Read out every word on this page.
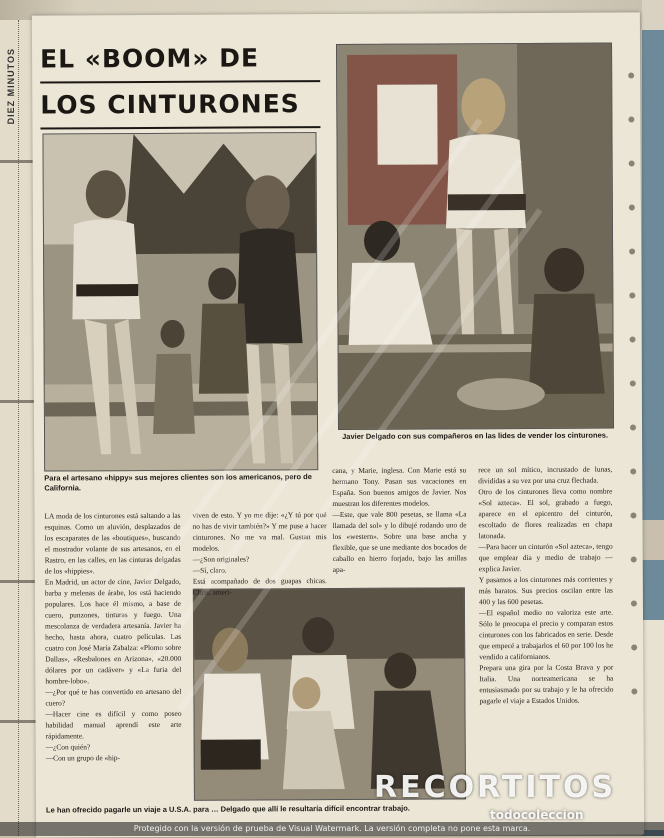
DIEZ MINUTOS EL «BOOM» DE
LOS CINTURONES
Javier Delgado con sus compañeros en las lides de vender los cinturones.
Para el artesano «hippy» sus mejores clientes son los americanos, pero de California.
Le han ofrecido pagarle un viaje a U.S.A. para … Delgado que allí le resultaría difícil encontrar trabajo.

LA moda de los cinturones está saltando a las esquinas. Como un aluvión, desplazados de los escaparates de las «boutiques», buscando el mostrador volante de sus artesanos, en el Rastro, en las calles, en las cinturas delgadas de los «hippies».
En Madrid, un actor de cine, Javier Delgado, barba y melenas de árabe, los está haciendo populares. Los hace él mismo, a base de cuero, punzones, tinturas y fuego. Una mescolanza de verdadera artesanía. Javier ha hecho, hasta ahora, cuatro películas. Las cuatro con José María Zabalza: «Plomo sobre Dallas», «Resbalones en Arizona», «20.000 dólares por un cadáver» y «La furia del hombre-lobo».
—¿Por qué te has convertido en artesano del cuero?
—Hacer cine es difícil y como poseo habilidad manual aprendí este arte rápidamente.
—¿Con quién?
—Con un grupo de «hip-

viven de esto. Y yo me dije: «¿Y tú por qué no has de vivir también?» Y me puse a hacer cinturones. No me va mal. Gustan mis modelos.
—¿Son originales?
—Sí, claro.
Está acompañado de dos guapas chicas. Chris, ameri-

cana, y Marie, inglesa. Con Marie está su hermano Tony. Pasan sus vacaciones en España. Son buenos amigos de Javier. Nos muestran los diferentes modelos.
—Este, que vale 800 pesetas, se llama «La llamada del sol» y lo dibujé rodando uno de los «western». Sobre una base ancha y flexible, que se une mediante dos bocados de caballo en hierro forjado, bajo las anillas apa-

rece un sol mítico, incrustado de lunas, divididas a su vez por una cruz flechada.
Otro de los cinturones lleva como nombre «Sol azteca». El sol, grabado a fuego, aparece en el epicentro del cinturón, escoltado de flores realizadas en chapa latonada.
—Para hacer un cinturón «Sol azteca», tengo que emplear día y medio de trabajo —explica Javier.
Y pasamos a los cinturones más corrientes y más baratos. Sus precios oscilan entre las 400 y las 600 pesetas.
—El español medio no valoriza este arte. Sólo le preocupa el precio y comparan estos cinturones con los fabricados en serie. Desde que empecé a trabajarlos el 60 por 100 los he vendido a californianos.
Prepara una gira por la Costa Brava y por Italia. Una norteamericana se ha entusiasmado por su trabajo y le ha ofrecido pagarle el viaje a Estados Unidos.

RECORTITOS
todocoleccion
Protegido con la versión de prueba de Visual Watermark. La versión completa no pone esta marca.
